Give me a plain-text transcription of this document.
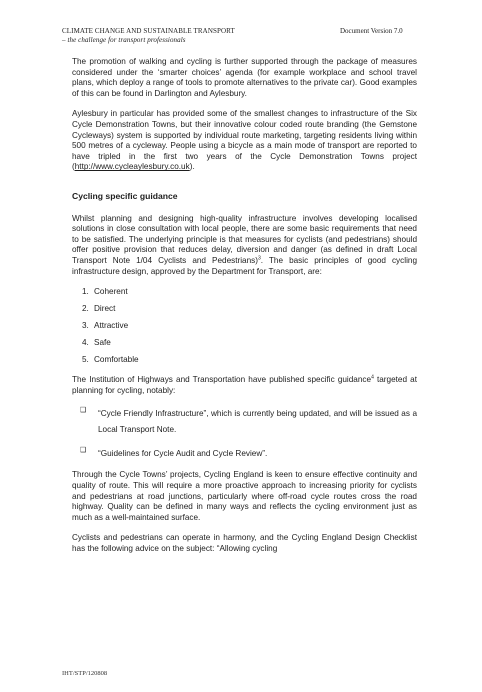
CLIMATE CHANGE AND SUSTAINABLE TRANSPORT
– the challenge for transport professionals
Document Version 7.0

The promotion of walking and cycling is further supported through the package of measures considered under the ‘smarter choices’ agenda (for example workplace and school travel plans, which deploy a range of tools to promote alternatives to the private car). Good examples of this can be found in Darlington and Aylesbury.

Aylesbury in particular has provided some of the smallest changes to infrastructure of the Six Cycle Demonstration Towns, but their innovative colour coded route branding (the Gemstone Cycleways) system is supported by individual route marketing, targeting residents living within 500 metres of a cycleway. People using a bicycle as a main mode of transport are reported to have tripled in the first two years of the Cycle Demonstration Towns project (http://www.cycleaylesbury.co.uk).

Cycling specific guidance

Whilst planning and designing high-quality infrastructure involves developing localised solutions in close consultation with local people, there are some basic requirements that need to be satisfied. The underlying principle is that measures for cyclists (and pedestrians) should offer positive provision that reduces delay, diversion and danger (as defined in draft Local Transport Note 1/04 Cyclists and Pedestrians)$^3$. The basic principles of good cycling infrastructure design, approved by the Department for Transport, are:

1. Coherent
2. Direct
3. Attractive
4. Safe
5. Comfortable

The Institution of Highways and Transportation have published specific guidance$^4$ targeted at planning for cycling, notably:

❑	“Cycle Friendly Infrastructure”, which is currently being updated, and will be issued as a Local Transport Note.
❑	“Guidelines for Cycle Audit and Cycle Review”.

Through the Cycle Towns’ projects, Cycling England is keen to ensure effective continuity and quality of route. This will require a more proactive approach to increasing priority for cyclists and pedestrians at road junctions, particularly where off-road cycle routes cross the road highway. Quality can be defined in many ways and reflects the cycling environment just as much as a well-maintained surface.

Cyclists and pedestrians can operate in harmony, and the Cycling England Design Checklist has the following advice on the subject: “Allowing cycling

IHT/STP/120808
